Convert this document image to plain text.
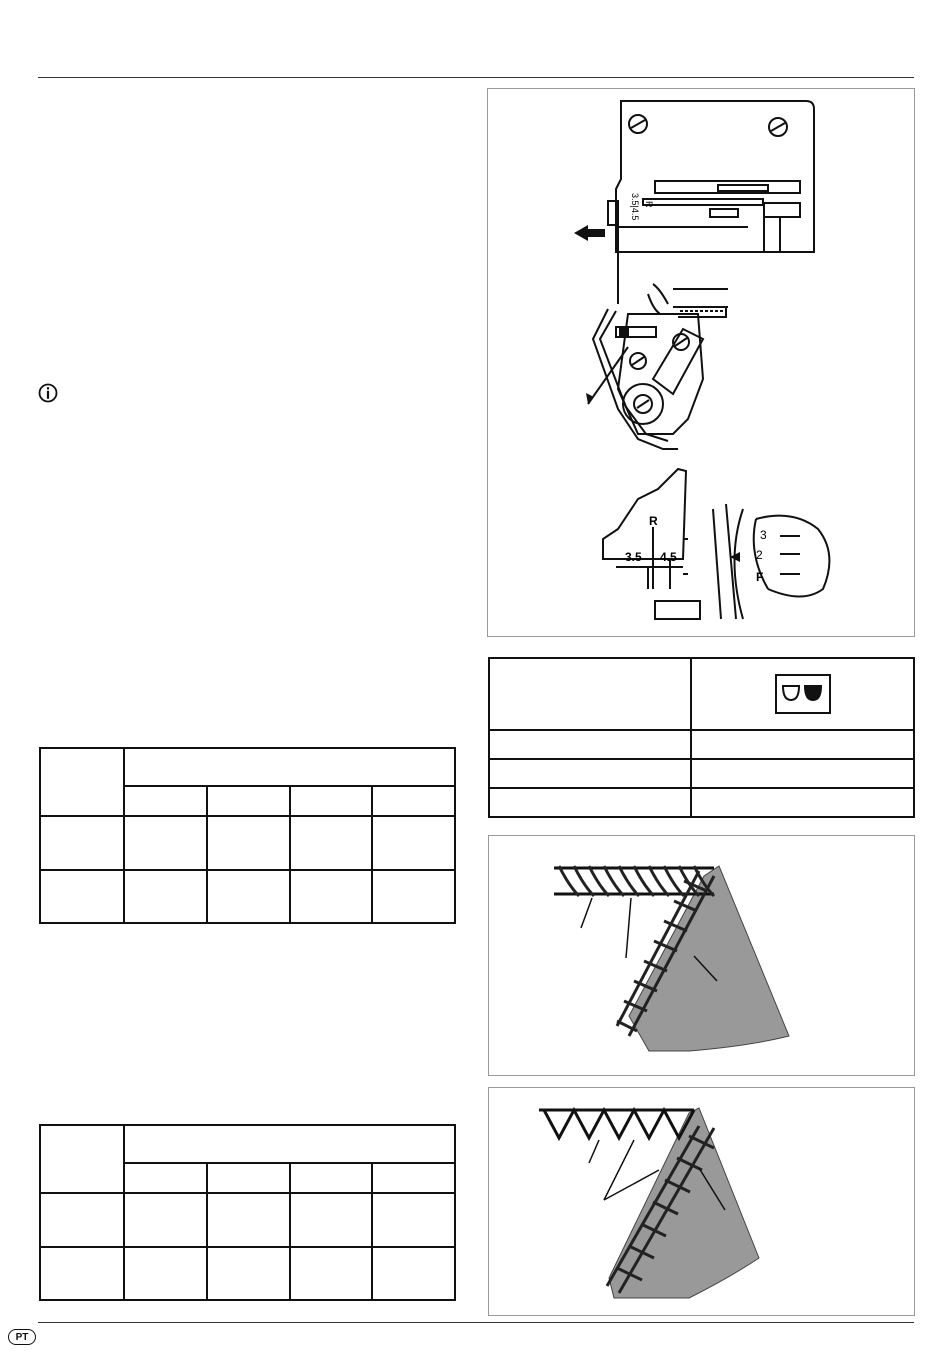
3.5|4.5 R
R
3.5 4.5
3
2
F

PT
